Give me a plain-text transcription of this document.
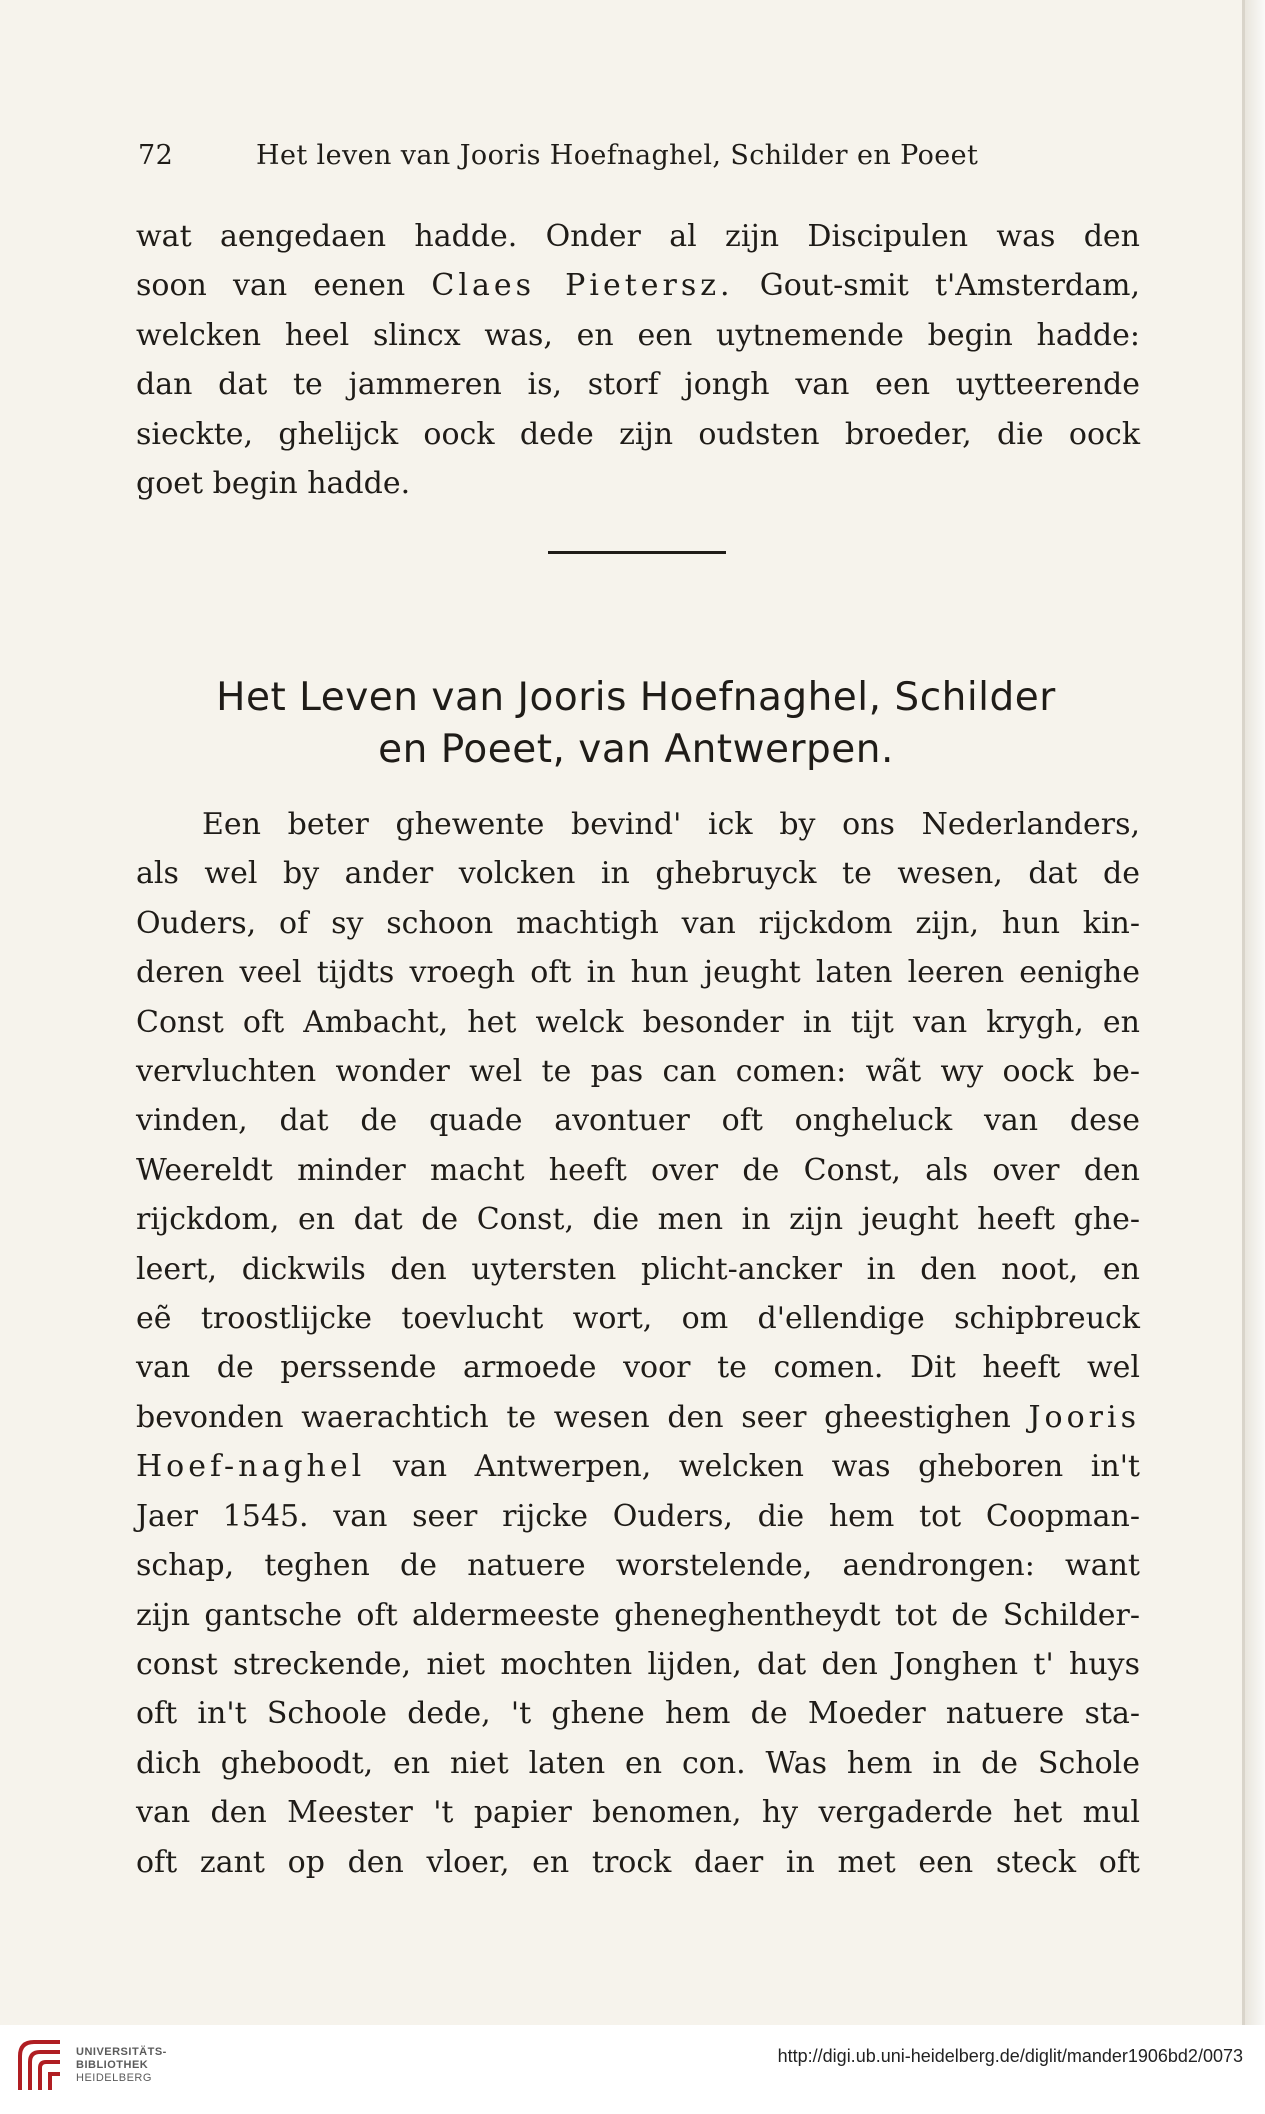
72	Het leven van Jooris Hoefnaghel, Schilder en Poeet
wat aengedaen hadde. Onder al zijn Discipulen was den
soon van eenen Claes Pietersz. Gout-smit t'Amsterdam,
welcken heel slincx was, en een uytnemende begin hadde:
dan dat te jammeren is, storf jongh van een uytteerende
sieckte, ghelijck oock dede zijn oudsten broeder, die oock
goet begin hadde.
Het Leven van Jooris Hoefnaghel, Schilder
en Poeet, van Antwerpen.
Een beter ghewente bevind' ick by ons Nederlanders,
als wel by ander volcken in ghebruyck te wesen, dat de
Ouders, of sy schoon machtigh van rijckdom zijn, hun kin-
deren veel tijdts vroegh oft in hun jeught laten leeren eenighe
Const oft Ambacht, het welck besonder in tijt van krygh, en
vervluchten wonder wel te pas can comen: wãt wy oock be-
vinden, dat de quade avontuer oft ongheluck van dese
Weereldt minder macht heeft over de Const, als over den
rijckdom, en dat de Const, die men in zijn jeught heeft ghe-
leert, dickwils den uytersten plicht-ancker in den noot, en
eẽ troostlijcke toevlucht wort, om d'ellendige schipbreuck
van de perssende armoede voor te comen. Dit heeft wel
bevonden waerachtich te wesen den seer gheestighen Jooris
Hoef-naghel van Antwerpen, welcken was gheboren in't
Jaer 1545. van seer rijcke Ouders, die hem tot Coopman-
schap, teghen de natuere worstelende, aendrongen: want
zijn gantsche oft aldermeeste gheneghentheydt tot de Schilder-
const streckende, niet mochten lijden, dat den Jonghen t' huys
oft in't Schoole dede, 't ghene hem de Moeder natuere sta-
dich gheboodt, en niet laten en con. Was hem in de Schole
van den Meester 't papier benomen, hy vergaderde het mul
oft zant op den vloer, en trock daer in met een steck oft
UNIVERSITÄTS-
BIBLIOTHEK
HEIDELBERG
http://digi.ub.uni-heidelberg.de/diglit/mander1906bd2/0073
